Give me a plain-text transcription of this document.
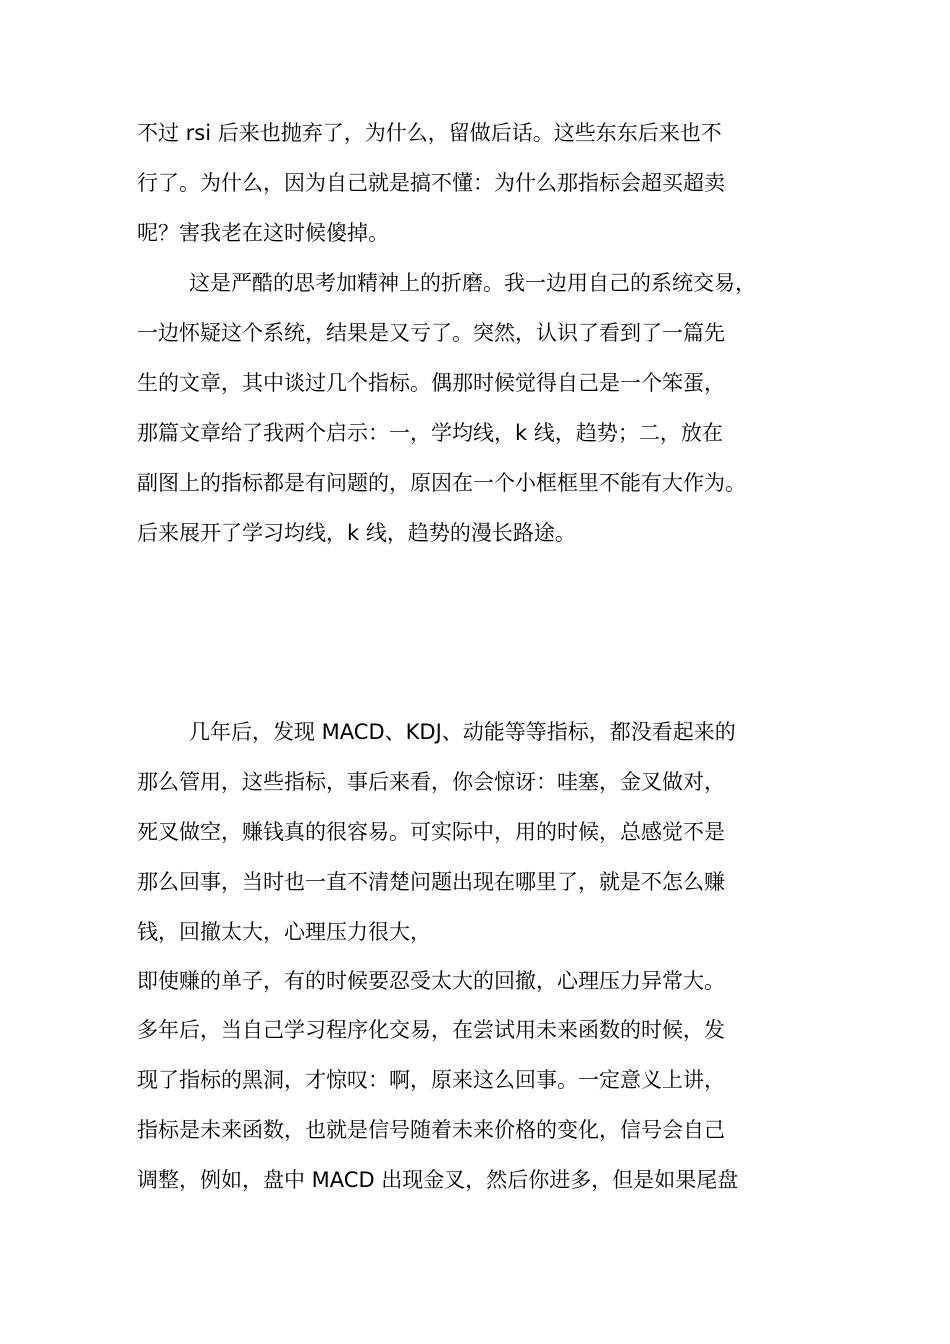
不过 rsi 后来也抛弃了，为什么，留做后话。这些东东后来也不

行了。为什么，因为自己就是搞不懂：为什么那指标会超买超卖

呢？害我老在这时候傻掉。

这是严酷的思考加精神上的折磨。我一边用自己的系统交易，

一边怀疑这个系统，结果是又亏了。突然，认识了看到了一篇先

生的文章，其中谈过几个指标。偶那时候觉得自己是一个笨蛋，

那篇文章给了我两个启示：一，学均线，k 线，趋势；二，放在

副图上的指标都是有问题的，原因在一个小框框里不能有大作为。

后来展开了学习均线，k 线，趋势的漫长路途。

几年后，发现 MACD、KDJ、动能等等指标，都没看起来的

那么管用，这些指标，事后来看，你会惊讶：哇塞，金叉做对，

死叉做空，赚钱真的很容易。可实际中，用的时候，总感觉不是

那么回事，当时也一直不清楚问题出现在哪里了，就是不怎么赚

钱，回撤太大，心理压力很大，

即使赚的单子，有的时候要忍受太大的回撤，心理压力异常大。

多年后，当自己学习程序化交易，在尝试用未来函数的时候，发

现了指标的黑洞，才惊叹：啊，原来这么回事。一定意义上讲，

指标是未来函数，也就是信号随着未来价格的变化，信号会自己

调整，例如，盘中 MACD 出现金叉，然后你进多，但是如果尾盘
